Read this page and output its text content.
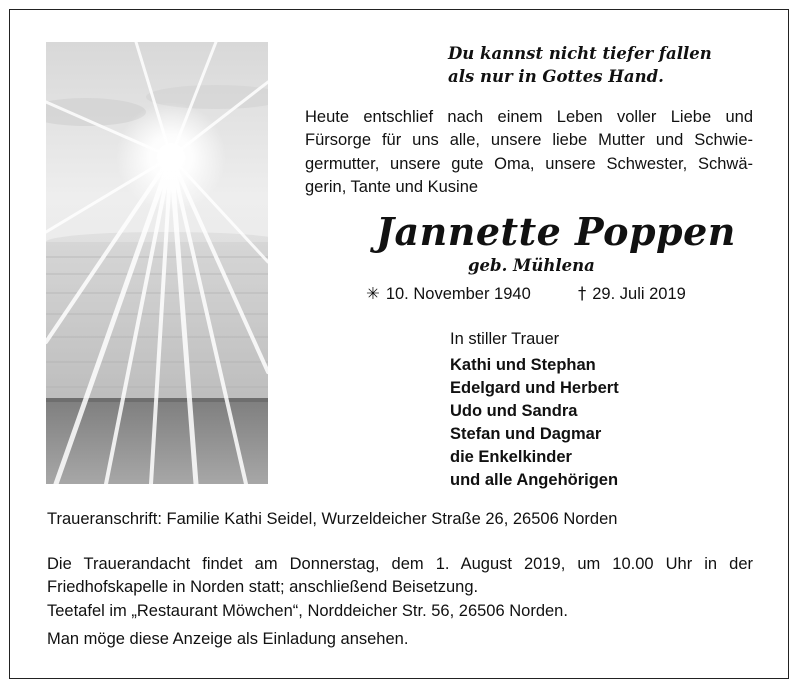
Du kannst nicht tiefer fallen
als nur in Gottes Hand.
Heute entschlief nach einem Leben voller Liebe und
Fürsorge für uns alle, unsere liebe Mutter und Schwie-
germutter, unsere gute Oma, unsere Schwester, Schwä-
gerin, Tante und Kusine
Jannette Poppen
geb. Mühlena
✳ 10. November 1940	† 29. Juli 2019
In stiller Trauer
Kathi und Stephan
Edelgard und Herbert
Udo und Sandra
Stefan und Dagmar
die Enkelkinder
und alle Angehörigen
Traueranschrift: Familie Kathi Seidel, Wurzeldeicher Straße 26, 26506 Norden
Die Trauerandacht findet am Donnerstag, dem 1. August 2019, um 10.00 Uhr in der
Friedhofskapelle in Norden statt; anschließend Beisetzung.
Teetafel im „Restaurant Möwchen“, Norddeicher Str. 56, 26506 Norden.
Man möge diese Anzeige als Einladung ansehen.
